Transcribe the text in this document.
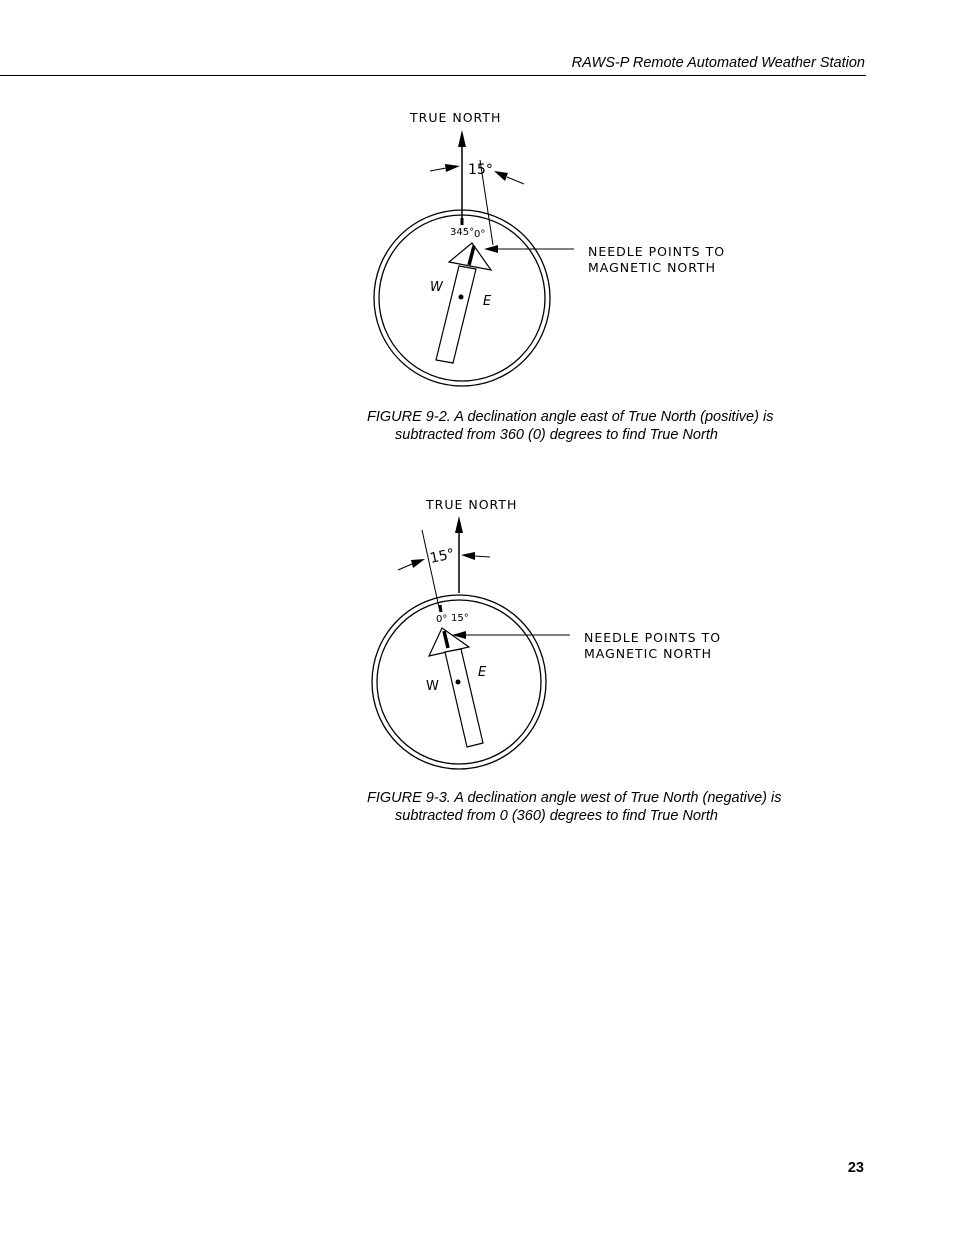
RAWS-P Remote Automated Weather Station
TRUE NORTH
15°
345° 0°
W
E
NEEDLE POINTS TO
MAGNETIC NORTH
FIGURE 9-2. A declination angle east of True North (positive) is
subtracted from 360 (0) degrees to find True North
TRUE NORTH
15°
0° 15°
W
E
NEEDLE POINTS TO
MAGNETIC NORTH
FIGURE 9-3. A declination angle west of True North (negative) is
subtracted from 0 (360) degrees to find True North
23
